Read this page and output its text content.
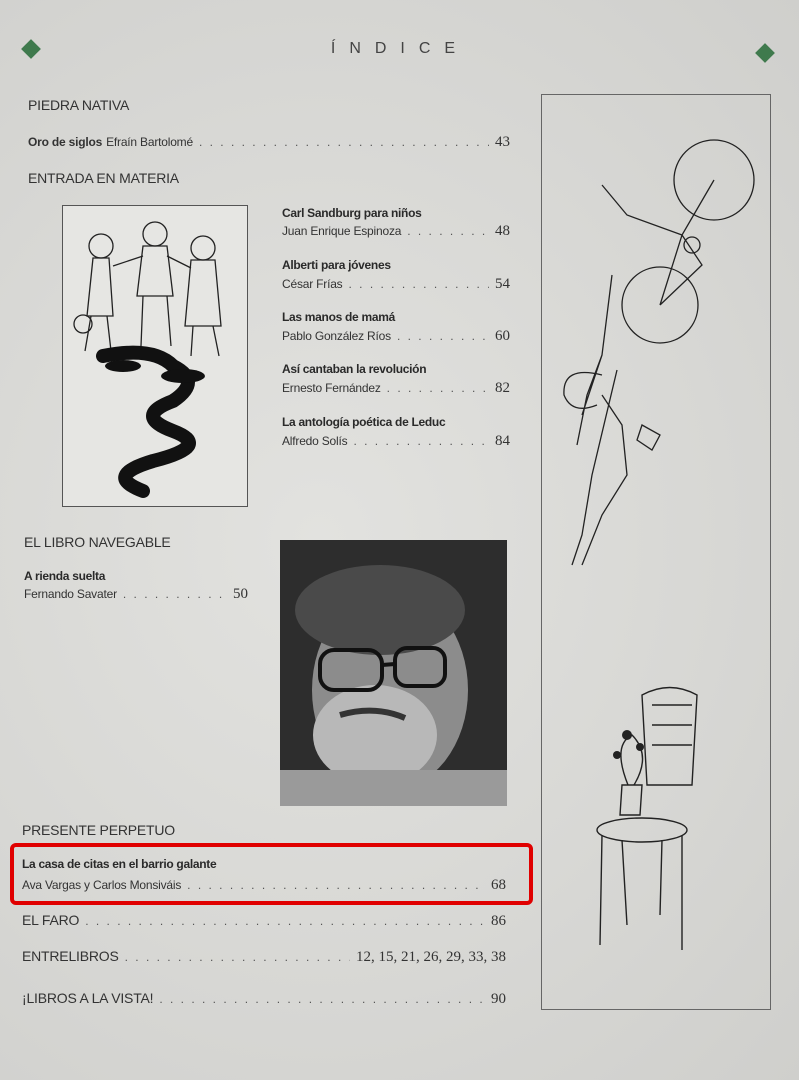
ÍNDICE
PIEDRA NATIVA
Oro de siglos Efraín Bartolomé . . .	43
ENTRADA EN MATERIA
Carl Sandburg para niños
Juan Enrique Espinoza . . .	48
Alberti para jóvenes
César Frías . . .	54
Las manos de mamá
Pablo González Ríos . . .	60
Así cantaban la revolución
Ernesto Fernández . . .	82
La antología poética de Leduc
Alfredo Solís . . .	84
EL LIBRO NAVEGABLE
A rienda suelta
Fernando Savater . . .	50
PRESENTE PERPETUO
La casa de citas en el barrio galante
Ava Vargas y Carlos Monsiváis . . .	68
EL FARO . . .	86
ENTRELIBROS . . .	12, 15, 21, 26, 29, 33, 38
¡LIBROS A LA VISTA! . . .	90
